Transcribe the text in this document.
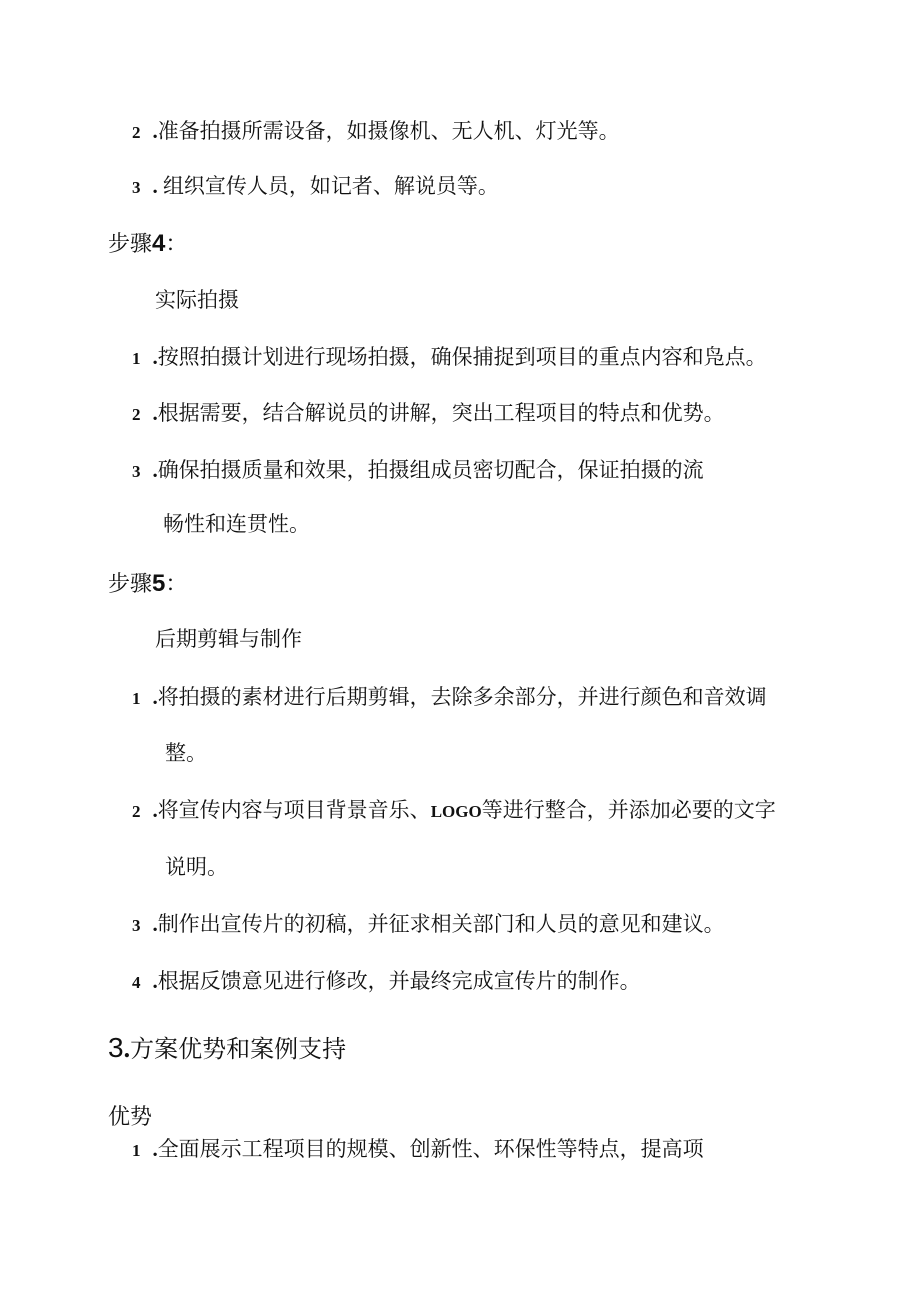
2  .准备拍摄所需设备，如摄像机、无人机、灯光等。
3  . 组织宣传人员，如记者、解说员等。
步骤4：
实际拍摄
1  .按照拍摄计划进行现场拍摄，确保捕捉到项目的重点内容和凫点。
2  .根据需要，结合解说员的讲解，突出工程项目的特点和优势。
3  .确保拍摄质量和效果，拍摄组成员密切配合，保证拍摄的流
畅性和连贯性。
步骤5：
后期剪辑与制作
1  .将拍摄的素材进行后期剪辑，去除多余部分，并进行颜色和音效调
整。
2  .将宣传内容与项目背景音乐、LOGO等进行整合，并添加必要的文字
说明。
3  .制作出宣传片的初稿，并征求相关部门和人员的意见和建议。
4  .根据反馈意见进行修改，并最终完成宣传片的制作。
3.方案优势和案例支持
优势
1  .全面展示工程项目的规模、创新性、环保性等特点，提高项
